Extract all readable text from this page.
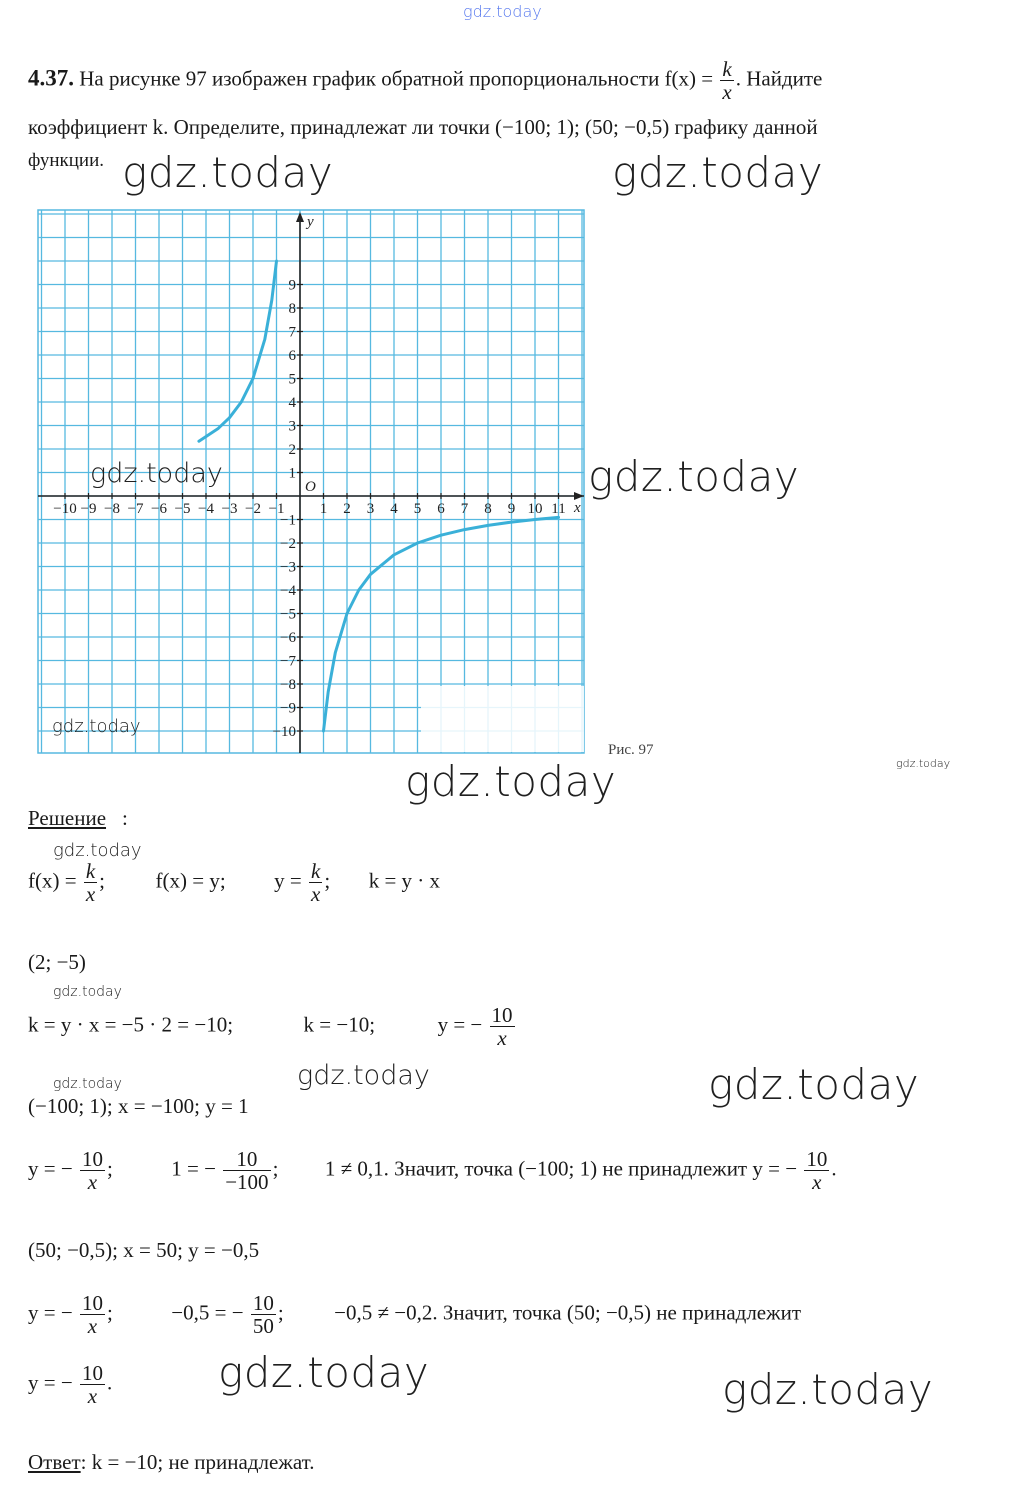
gdz.today
4.37. На рисунке 97 изображен график обратной пропорциональности $f(x) = \frac{k}{x}$ . Найдите
коэффициент k. Определите, принадлежат ли точки (−100; 1); (50; −0,5) графику данной
функции. gdz.today	gdz.today
−10 −9 −8 −7 −6 −5 −4 −3 −2 −1 1 2 3 4 5 6 7 8 9 10 11
9
8
7
6
5
4
3
2
1
−1
−2
−3
−4
−5
−6
−7
−8
−9
−10
x
y
O
Рис. 97
gdz.today	gdz.today
gdz.today
gdz.today
gdz.today
Решение :
gdz.today
$f(x) = \frac{k}{x}$ ; f(x) = y; $y = \frac{k}{x}$ ; k = y · x
(2; −5)
gdz.today
k = y · x = −5 · 2 = −10;	k = −10;	y = − $\frac{10}{x}$
gdz.today	gdz.today	gdz.today
(−100; 1); x = −100; y = 1
y = − $\frac{10}{x}$ ;	1 = − $\frac{10}{-100}$ ; 1 ≠ 0,1. Значит, точка (−100; 1) не принадлежит y = − $\frac{10}{x}$ .
(50; −0,5); x = 50; y = −0,5
y = − $\frac{10}{x}$ ;	−0,5 = − $\frac{10}{50}$ ; −0,5 ≠ −0,2. Значит, точка (50; −0,5) не принадлежит
y = − $\frac{10}{x}$ .	gdz.today	gdz.today
Ответ: k = −10; не принадлежат.
